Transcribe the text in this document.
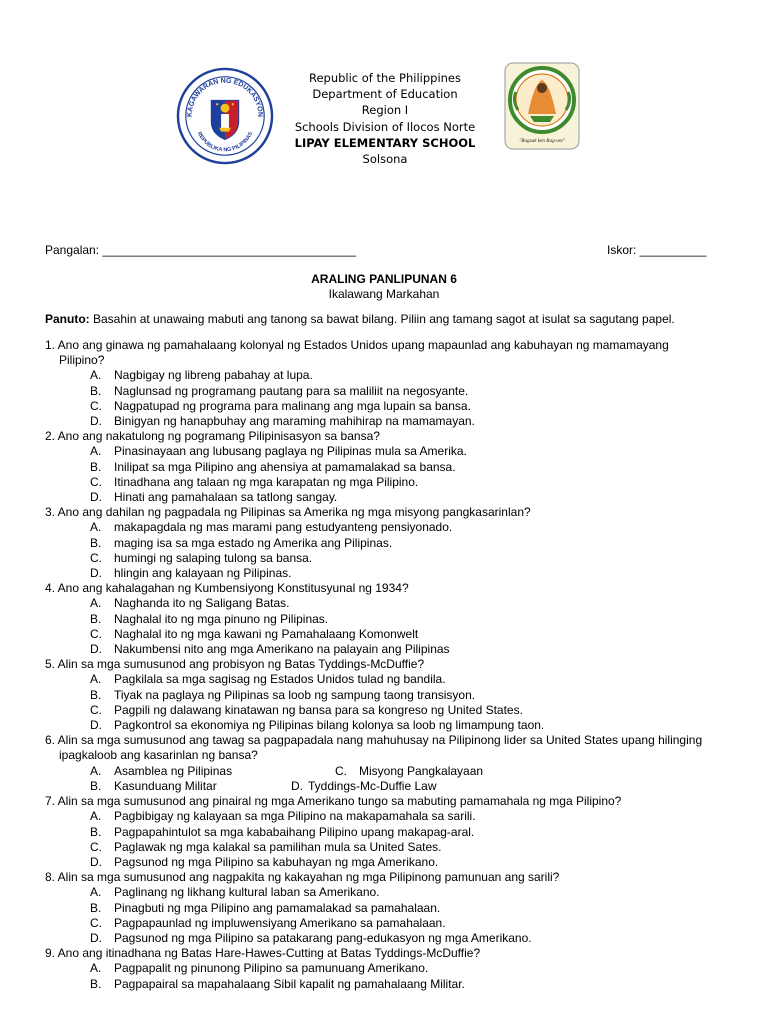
KAGAWARAN NG EDUKASYON
REPUBLIKA NG PILIPINAS
Republic of the Philippines
Department of Education
Region I
Schools Division of Ilocos Norte
LIPAY ELEMENTARY SCHOOL
Solsona
"Ragsak ken Rag-om"
Pangalan: ______________________________________	Iskor: __________
ARALING PANLIPUNAN 6
Ikalawang Markahan
Panuto: Basahin at unawaing mabuti ang tanong sa bawat bilang. Piliin ang tamang sagot at isulat sa sagutang papel.
1. Ano ang ginawa ng pamahalaang kolonyal ng Estados Unidos upang mapaunlad ang kabuhayan ng mamamayang
Pilipino?
A. Nagbigay ng libreng pabahay at lupa.
B. Naglunsad ng programang pautang para sa maliliit na negosyante.
C. Nagpatupad ng programa para malinang ang mga lupain sa bansa.
D. Binigyan ng hanapbuhay ang maraming mahihirap na mamamayan.
2. Ano ang nakatulong ng pogramang Pilipinisasyon sa bansa?
A. Pinasinayaan ang lubusang paglaya ng Pilipinas mula sa Amerika.
B. Inilipat sa mga Pilipino ang ahensiya at pamamalakad sa bansa.
C. Itinadhana ang talaan ng mga karapatan ng mga Pilipino.
D. Hinati ang pamahalaan sa tatlong sangay.
3. Ano ang dahilan ng pagpadala ng Pilipinas sa Amerika ng mga misyong pangkasarinlan?
A. makapagdala ng mas marami pang estudyanteng pensiyonado.
B. maging isa sa mga estado ng Amerika ang Pilipinas.
C. humingi ng salaping tulong sa bansa.
D. hlingin ang kalayaan ng Pilipinas.
4. Ano ang kahalagahan ng Kumbensiyong Konstitusyunal ng 1934?
A. Naghanda ito ng Saligang Batas.
B. Naghalal ito ng mga pinuno ng Pilipinas.
C. Naghalal ito ng mga kawani ng Pamahalaang Komonwelt
D. Nakumbensi nito ang mga Amerikano na palayain ang Pilipinas
5. Alin sa mga sumusunod ang probisyon ng Batas Tyddings-McDuffie?
A. Pagkilala sa mga sagisag ng Estados Unidos tulad ng bandila.
B. Tiyak na paglaya ng Pilipinas sa loob ng sampung taong transisyon.
C. Pagpili ng dalawang kinatawan ng bansa para sa kongreso ng United States.
D. Pagkontrol sa ekonomiya ng Pilipinas bilang kolonya sa loob ng limampung taon.
6. Alin sa mga sumusunod ang tawag sa pagpapadala nang mahuhusay na Pilipinong lider sa United States upang hilinging
ipagkaloob ang kasarinlan ng bansa?
A. Asamblea ng Pilipinas	C. Misyong Pangkalayaan
B. Kasunduang Militar	D. Tyddings-Mc-Duffie Law
7. Alin sa mga sumusunod ang pinairal ng mga Amerikano tungo sa mabuting pamamahala ng mga Pilipino?
A. Pagbibigay ng kalayaan sa mga Pilipino na makapamahala sa sarili.
B. Pagpapahintulot sa mga kababaihang Pilipino upang makapag-aral.
C. Paglawak ng mga kalakal sa pamilihan mula sa United Sates.
D. Pagsunod ng mga Pilipino sa kabuhayan ng mga Amerikano.
8. Alin sa mga sumusunod ang nagpakita ng kakayahan ng mga Pilipinong pamunuan ang sarili?
A. Paglinang ng likhang kultural laban sa Amerikano.
B. Pinagbuti ng mga Pilipino ang pamamalakad sa pamahalaan.
C. Pagpapaunlad ng impluwensiyang Amerikano sa pamahalaan.
D. Pagsunod ng mga Pilipino sa patakarang pang-edukasyon ng mga Amerikano.
9. Ano ang itinadhana ng Batas Hare-Hawes-Cutting at Batas Tyddings-McDuffie?
A. Pagpapalit ng pinunong Pilipino sa pamunuang Amerikano.
B. Pagpapairal sa mapahalaang Sibil kapalit ng pamahalaang Militar.
